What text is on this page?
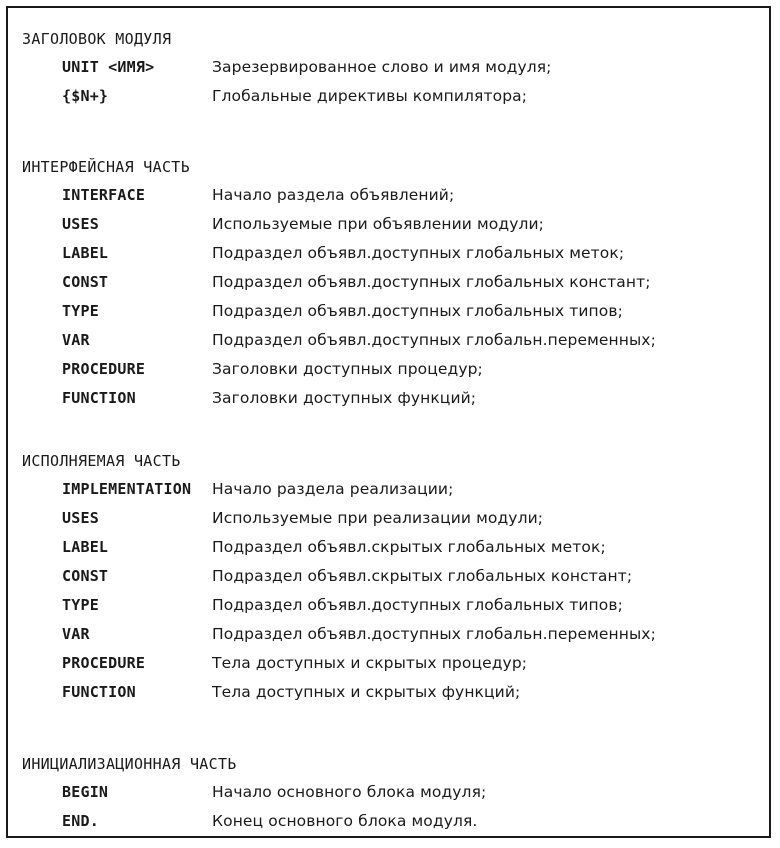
ЗАГОЛОВОК МОДУЛЯ
UNIT <ИМЯ>	Зарезервированное слово и имя модуля;
{$N+}	Глобальные директивы компилятора;
ИНТЕРФЕЙСНАЯ ЧАСТЬ
INTERFACE	Начало раздела объявлений;
USES	Используемые при объявлении модули;
LABEL	Подраздел объявл.доступных глобальных меток;
CONST	Подраздел объявл.доступных глобальных констант;
TYPE	Подраздел объявл.доступных глобальных типов;
VAR	Подраздел объявл.доступных глобальн.переменных;
PROCEDURE	Заголовки доступных процедур;
FUNCTION	Заголовки доступных функций;
ИСПОЛНЯЕМАЯ ЧАСТЬ
IMPLEMENTATION	Начало раздела реализации;
USES	Используемые при реализации модули;
LABEL	Подраздел объявл.скрытых глобальных меток;
CONST	Подраздел объявл.скрытых глобальных констант;
TYPE	Подраздел объявл.доступных глобальных типов;
VAR	Подраздел объявл.доступных глобальн.переменных;
PROCEDURE	Тела доступных и скрытых процедур;
FUNCTION	Тела доступных и скрытых функций;
ИНИЦИАЛИЗАЦИОННАЯ ЧАСТЬ
BEGIN	Начало основного блока модуля;
END.	Конец основного блока модуля.
